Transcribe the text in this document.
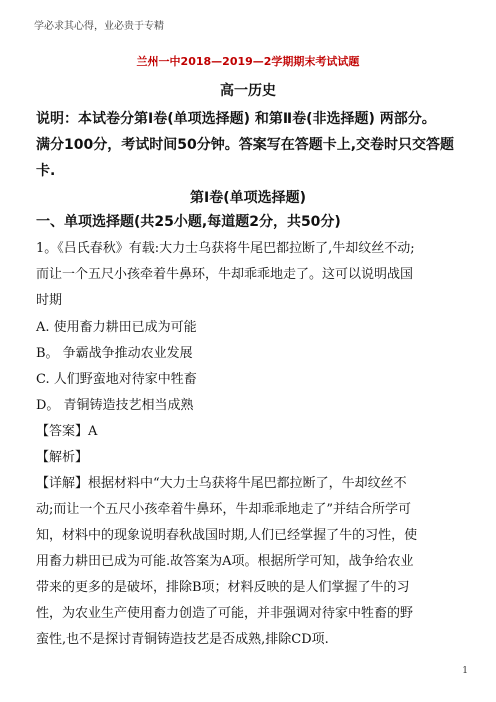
学必求其心得，业必贵于专精
兰州一中2018—2019—2学期期末考试试题
高一历史
说明：本试卷分第Ⅰ卷(单项选择题) 和第Ⅱ卷(非选择题) 两部分。
满分100分，考试时间50分钟。答案写在答题卡上,交卷时只交答题
卡.
第Ⅰ卷(单项选择题)
一、单项选择题(共25小题,每道题2分，共50分)
1。《吕氏春秋》有载:大力士乌获将牛尾巴都拉断了,牛却纹丝不动;
而让一个五尺小孩牵着牛鼻环，牛却乖乖地走了。这可以说明战国
时期
A. 使用畜力耕田已成为可能
B。 争霸战争推动农业发展
C. 人们野蛮地对待家中牲畜
D。 青铜铸造技艺相当成熟
【答案】A
【解析】
【详解】根据材料中“大力士乌获将牛尾巴都拉断了，牛却纹丝不
动;而让一个五尺小孩牵着牛鼻环，牛却乖乖地走了”并结合所学可
知，材料中的现象说明春秋战国时期,人们已经掌握了牛的习性，使
用畜力耕田已成为可能.故答案为A项。根据所学可知，战争给农业
带来的更多的是破坏，排除B项；材料反映的是人们掌握了牛的习
性，为农业生产使用畜力创造了可能，并非强调对待家中牲畜的野
蛮性,也不是探讨青铜铸造技艺是否成熟,排除CD项.
1
